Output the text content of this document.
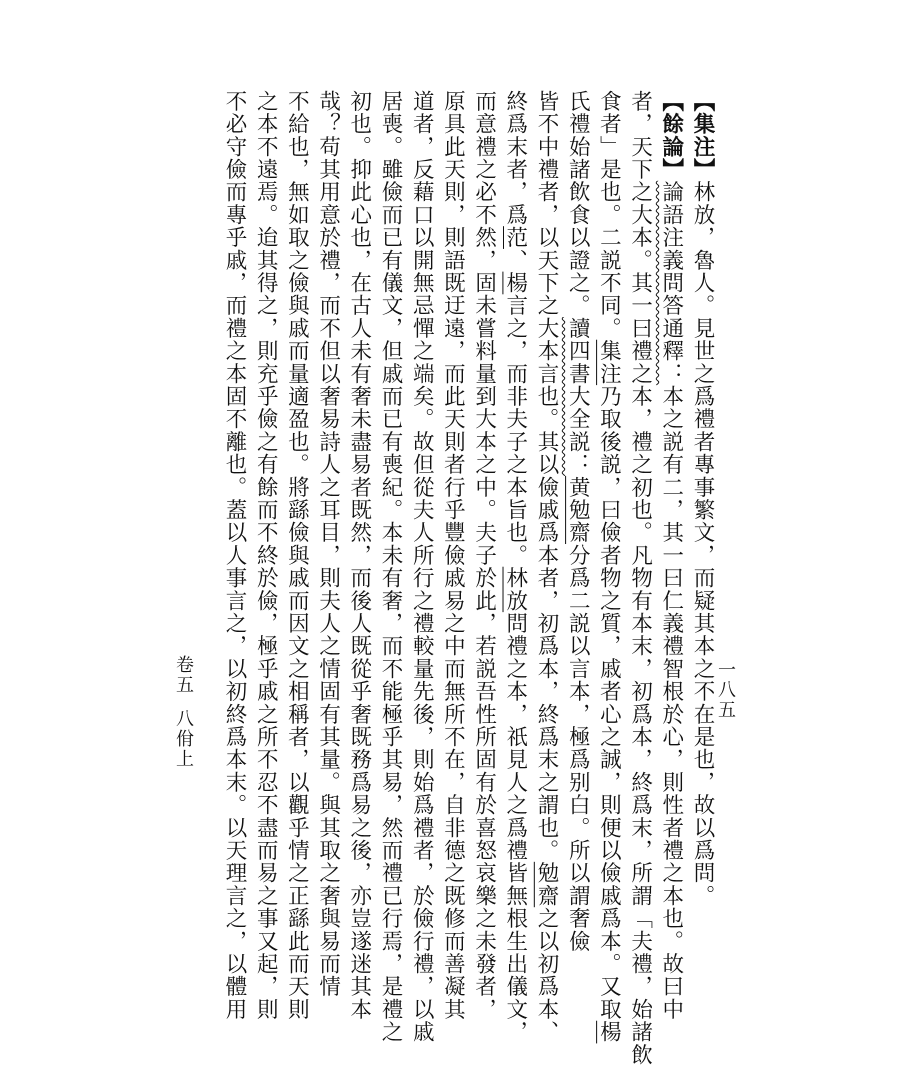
【集注】林放，魯人。見世之爲禮者專事繁文，而疑其本之不在是也，故以爲問。
【餘論】論語注義問答通釋：本之説有二，其一曰仁義禮智根於心，則性者禮之本也。故曰中
者，天下之大本。其一曰禮之本，禮之初也。凡物有本末，初爲本，終爲末，所謂「夫禮，始諸飲
食者」是也。二説不同。集注乃取後説，曰儉者物之質，戚者心之誠，則便以儉戚爲本。又取楊
氏禮始諸飲食以證之。讀四書大全説：黄勉齋分爲二説以言本，極爲别白。所以謂奢儉
皆不中禮者，以天下之大本言也。其以儉戚爲本者，初爲本，終爲末之謂也。勉齋之以初爲本、
終爲末者，爲范、楊言之，而非夫子之本旨也。林放問禮之本，祇見人之爲禮皆無根生出儀文，
而意禮之必不然，固未嘗料量到大本之中。夫子於此，若説吾性所固有於喜怒哀樂之未發者，
原具此天則，則語既迂遠，而此天則者行乎豐儉戚易之中而無所不在，自非德之既修而善凝其
道者，反藉口以開無忌憚之端矣。故但從夫人所行之禮較量先後，則始爲禮者，於儉行禮，以戚
居喪。雖儉而已有儀文，但戚而已有喪紀。本未有奢，而不能極乎其易，然而禮已行焉，是禮之
初也。抑此心也，在古人未有奢未盡易者既然，而後人既從乎奢既務爲易之後，亦豈遂迷其本
哉？苟其用意於禮，而不但以奢易詩人之耳目，則夫人之情固有其量。與其取之奢與易而情
不給也，無如取之儉與戚而量適盈也。將繇儉與戚而因文之相稱者，以觀乎情之正繇此而天則
之本不遠焉。迨其得之，則充乎儉之有餘而不終於儉，極乎戚之所不忍不盡而易之事又起，則
不必守儉而專乎戚，而禮之本固不離也。蓋以人事言之，以初終爲本末。以天理言之，以體用
卷五八佾上
一八五
